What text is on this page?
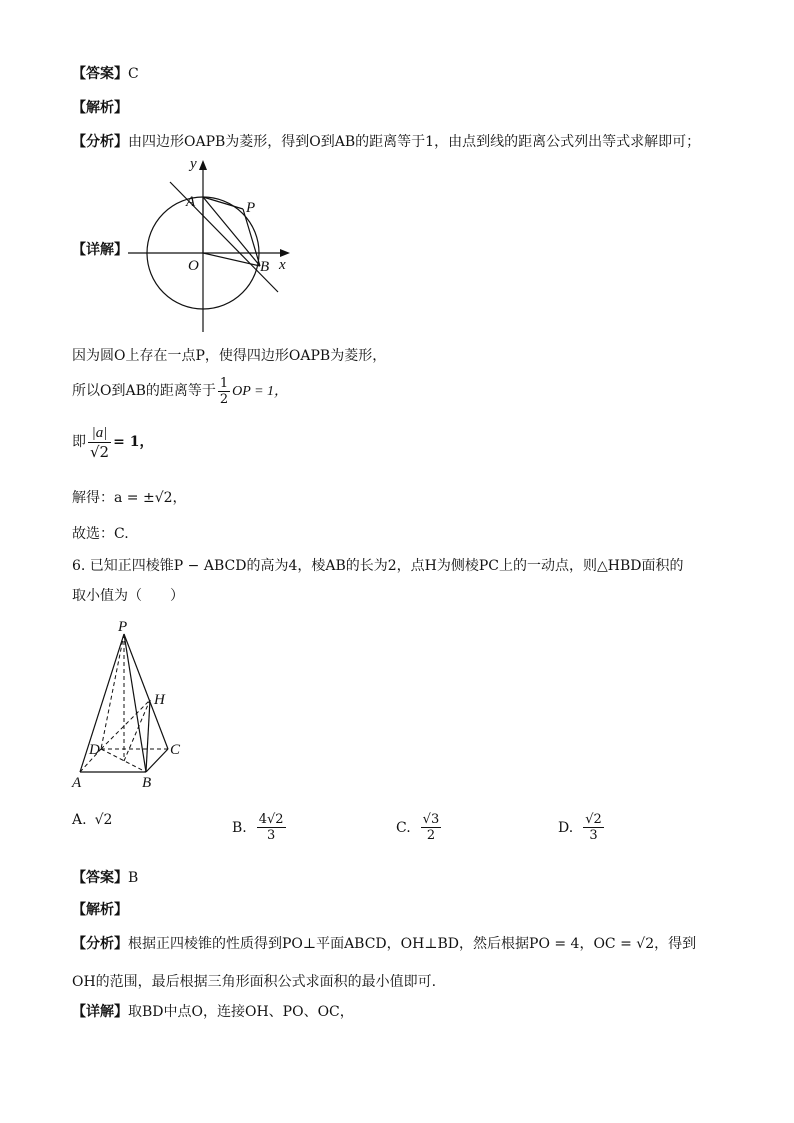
【答案】C
【解析】
【分析】由四边形OAPB为菱形，得到O到AB的距离等于1，由点到线的距离公式列出等式求解即可；
【详解】
y
x
A	P
O	B
因为圆O上存在一点P，使得四边形OAPB为菱形，
所以O到AB的距离等于 $\frac{1}{2}$ OP = 1，
即 $\frac{|a|}{√2} = 1$，
解得：a = ±√2，
故选：C.
6. 已知正四棱锥P − ABCD的高为4，棱AB的长为2，点H为侧棱PC上的一动点，则△HBD面积的
取小值为（　　）
P
H
D	C
A	B
A. √2	B. $\frac{4√2}{3}$	C. $\frac{√3}{2}$	D. $\frac{√2}{3}$
【答案】B
【解析】
【分析】根据正四棱锥的性质得到PO⊥平面ABCD，OH⊥BD，然后根据PO = 4，OC = √2，得到
OH的范围，最后根据三角形面积公式求面积的最小值即可.
【详解】取BD中点O，连接OH、PO、OC，
